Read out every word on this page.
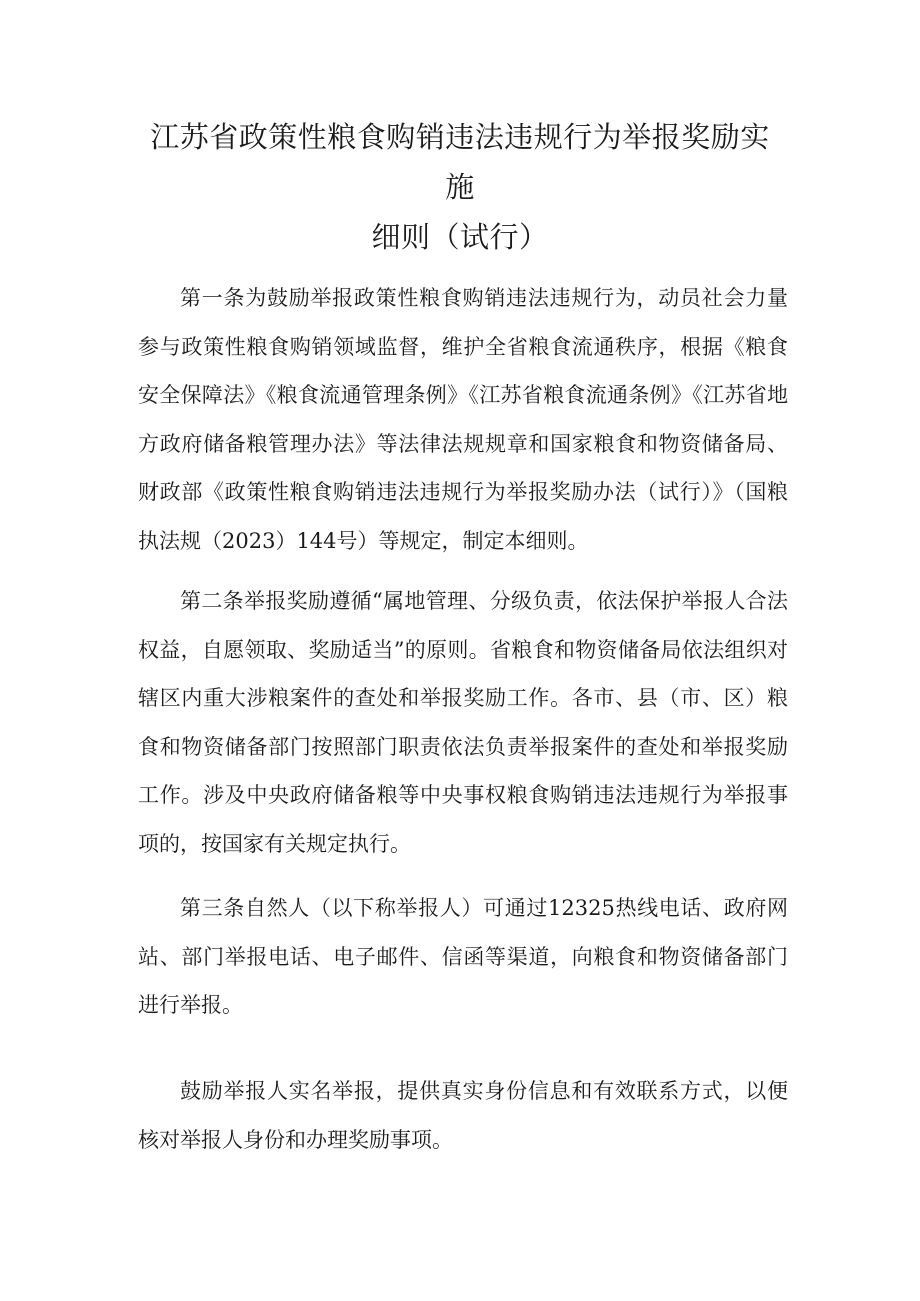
江苏省政策性粮食购销违法违规行为举报奖励实施
细则（试行）

第一条为鼓励举报政策性粮食购销违法违规行为，动员社会力量参与政策性粮食购销领域监督，维护全省粮食流通秩序，根据《粮食安全保障法》《粮食流通管理条例》《江苏省粮食流通条例》《江苏省地方政府储备粮管理办法》等法律法规规章和国家粮食和物资储备局、财政部《政策性粮食购销违法违规行为举报奖励办法（试行）》（国粮执法规（2023）144号）等规定，制定本细则。

第二条举报奖励遵循“属地管理、分级负责，依法保护举报人合法权益，自愿领取、奖励适当”的原则。省粮食和物资储备局依法组织对辖区内重大涉粮案件的查处和举报奖励工作。各市、县（市、区）粮食和物资储备部门按照部门职责依法负责举报案件的查处和举报奖励工作。涉及中央政府储备粮等中央事权粮食购销违法违规行为举报事项的，按国家有关规定执行。

第三条自然人（以下称举报人）可通过12325热线电话、政府网站、部门举报电话、电子邮件、信函等渠道，向粮食和物资储备部门进行举报。

鼓励举报人实名举报，提供真实身份信息和有效联系方式，以便核对举报人身份和办理奖励事项。
